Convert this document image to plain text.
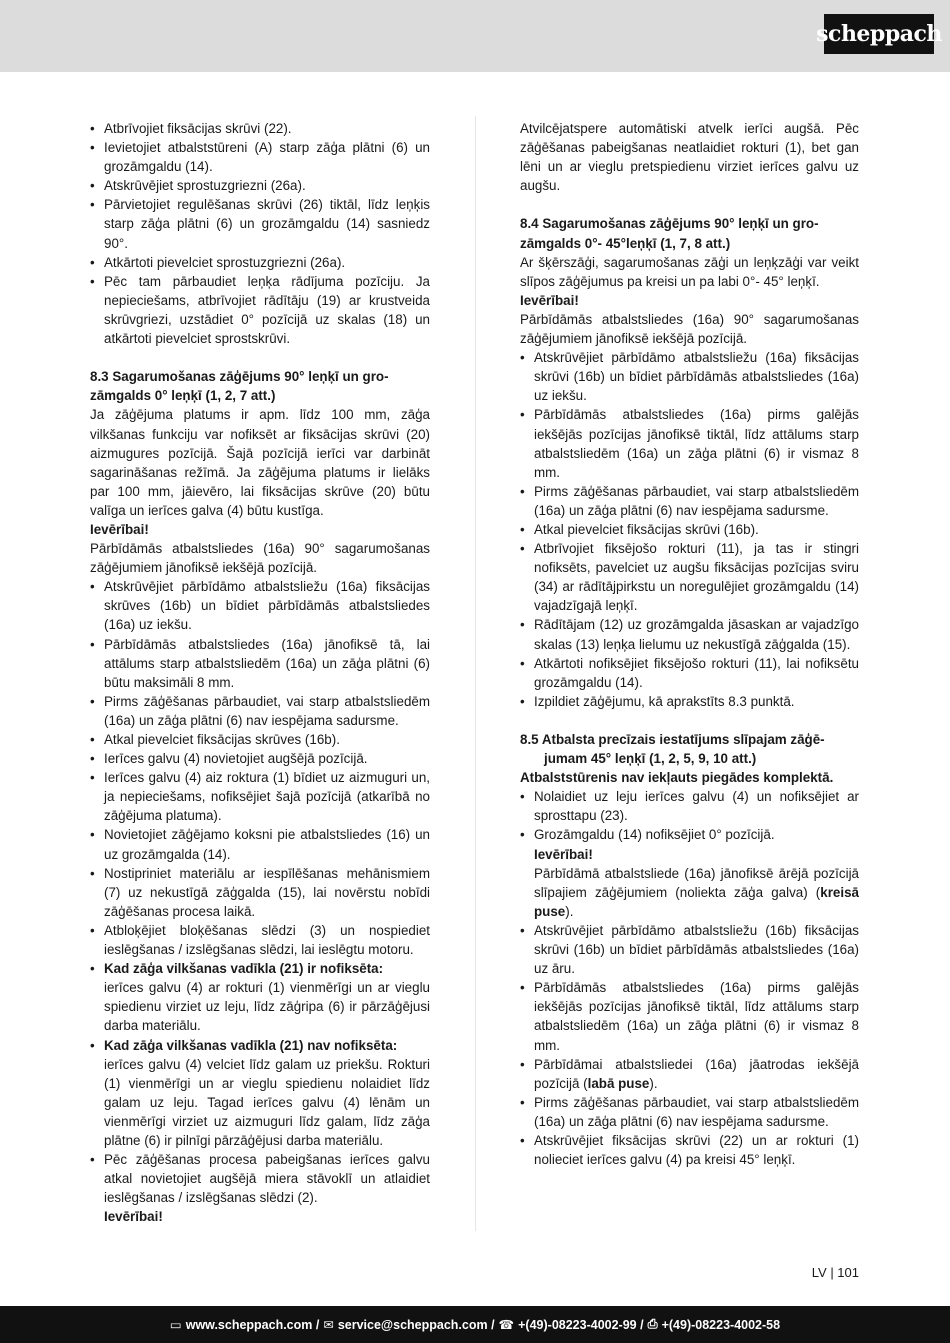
scheppach
• Atbrīvojiet fiksācijas skrūvi (22).
• Ievietojiet atbalststūreni (A) starp zāģa plātni (6) un grozāmgaldu (14).
• Atskrūvējiet sprostuzgriezni (26a).
• Pārvietojiet regulēšanas skrūvi (26) tiktāl, līdz leņķis starp zāģa plātni (6) un grozāmgaldu (14) sasniedz 90°.
• Atkārtoti pievelciet sprostuzgriezni (26a).
• Pēc tam pārbaudiet leņķa rādījuma pozīciju. Ja nepieciešams, atbrīvojiet rādītāju (19) ar krustveida skrūvgriezi, uzstādiet 0° pozīcijā uz skalas (18) un atkārtoti pievelciet sprostskrūvi.

8.3 Sagarumošanas zāģējums 90° leņķī un gro-
zāmgalds 0° leņķī (1, 2, 7 att.)

Ja zāģējuma platums ir apm. līdz 100 mm, zāģa vilkšanas funkciju var nofiksēt ar fiksācijas skrūvi (20) aizmugures pozīcijā. Šajā pozīcijā ierīci var darbināt sagarināšanas režīmā. Ja zāģējuma platums ir lielāks par 100 mm, jāievēro, lai fiksācijas skrūve (20) būtu valīga un ierīces galva (4) būtu kustīga.

Ievērībai!

Pārbīdāmās atbalstsliedes (16a) 90° sagarumošanas zāģējumiem jānofiksē iekšējā pozīcijā.

• Atskrūvējiet pārbīdāmo atbalstsliežu (16a) fiksācijas skrūves (16b) un bīdiet pārbīdāmās atbalstsliedes (16a) uz iekšu.
• Pārbīdāmās atbalstsliedes (16a) jānofiksē tā, lai attālums starp atbalstsliedēm (16a) un zāģa plātni (6) būtu maksimāli 8 mm.
• Pirms zāģēšanas pārbaudiet, vai starp atbalstsliedēm (16a) un zāģa plātni (6) nav iespējama sadursme.
• Atkal pievelciet fiksācijas skrūves (16b).
• Ierīces galvu (4) novietojiet augšējā pozīcijā.
• Ierīces galvu (4) aiz roktura (1) bīdiet uz aizmuguri un, ja nepieciešams, nofiksējiet šajā pozīcijā (atkarībā no zāģējuma platuma).
• Novietojiet zāģējamo koksni pie atbalstsliedes (16) un uz grozāmgalda (14).
• Nostipriniet materiālu ar iespīlēšanas mehānismiem (7) uz nekustīgā zāģgalda (15), lai novērstu nobīdi zāģēšanas procesa laikā.
• Atbloķējiet bloķēšanas slēdzi (3) un nospiediet ieslēgšanas / izslēgšanas slēdzi, lai ieslēgtu motoru.
• Kad zāģa vilkšanas vadīkla (21) ir nofiksēta:
ierīces galvu (4) ar rokturi (1) vienmērīgi un ar vieglu spiedienu virziet uz leju, līdz zāģripa (6) ir pārzāģējusi darba materiālu.
• Kad zāģa vilkšanas vadīkla (21) nav nofiksēta:
ierīces galvu (4) velciet līdz galam uz priekšu. Rokturi (1) vienmērīgi un ar vieglu spiedienu nolaidiet līdz galam uz leju. Tagad ierīces galvu (4) lēnām un vienmērīgi virziet uz aizmuguri līdz galam, līdz zāģa plātne (6) ir pilnīgi pārzāģējusi darba materiālu.
• Pēc zāģēšanas procesa pabeigšanas ierīces galvu atkal novietojiet augšējā miera stāvoklī un atlaidiet ieslēgšanas / izslēgšanas slēdzi (2).
Ievērībai!

Atvilcējatspere automātiski atvelk ierīci augšā. Pēc zāģēšanas pabeigšanas neatlaidiet rokturi (1), bet gan lēni un ar vieglu pretspiedienu virziet ierīces galvu uz augšu.

8.4 Sagarumošanas zāģējums 90° leņķī un gro-
zāmgalds 0°- 45°leņķī (1, 7, 8 att.)

Ar šķērszāģi, sagarumošanas zāģi un leņķzāģi var veikt slīpos zāģējumus pa kreisi un pa labi 0°- 45° leņķī.

Ievērībai!

Pārbīdāmās atbalstsliedes (16a) 90° sagarumošanas zāģējumiem jānofiksē iekšējā pozīcijā.

• Atskrūvējiet pārbīdāmo atbalstsliežu (16a) fiksācijas skrūvi (16b) un bīdiet pārbīdāmās atbalstsliedes (16a) uz iekšu.
• Pārbīdāmās atbalstsliedes (16a) pirms galējās iekšējās pozīcijas jānofiksē tiktāl, līdz attālums starp atbalstsliedēm (16a) un zāģa plātni (6) ir vismaz 8 mm.
• Pirms zāģēšanas pārbaudiet, vai starp atbalstsliedēm (16a) un zāģa plātni (6) nav iespējama sadursme.
• Atkal pievelciet fiksācijas skrūvi (16b).
• Atbrīvojiet fiksējošo rokturi (11), ja tas ir stingri nofiksēts, pavelciet uz augšu fiksācijas pozīcijas sviru (34) ar rādītājpirkstu un noregulējiet grozāmgaldu (14) vajadzīgajā leņķī.
• Rādītājam (12) uz grozāmgalda jāsaskan ar vajadzīgo skalas (13) leņķa lielumu uz nekustīgā zāģgalda (15).
• Atkārtoti nofiksējiet fiksējošo rokturi (11), lai nofiksētu grozāmgaldu (14).
• Izpildiet zāģējumu, kā aprakstīts 8.3 punktā.

8.5 Atbalsta precīzais iestatījums slīpajam zāģē-
jumam 45° leņķī (1, 2, 5, 9, 10 att.)

Atbalststūrenis nav iekļauts piegādes komplektā.

• Nolaidiet uz leju ierīces galvu (4) un nofiksējiet ar sprosttapu (23).
• Grozāmgaldu (14) nofiksējiet 0° pozīcijā.
Ievērībai!
Pārbīdāmā atbalstsliede (16a) jānofiksē ārējā pozīcijā slīpajiem zāģējumiem (noliekta zāģa galva) (kreisā puse).
• Atskrūvējiet pārbīdāmo atbalstsliežu (16b) fiksācijas skrūvi (16b) un bīdiet pārbīdāmās atbalstsliedes (16a) uz āru.
• Pārbīdāmās atbalstsliedes (16a) pirms galējās iekšējās pozīcijas jānofiksē tiktāl, līdz attālums starp atbalstsliedēm (16a) un zāģa plātni (6) ir vismaz 8 mm.
• Pārbīdāmai atbalstsliedei (16a) jāatrodas iekšējā pozīcijā (labā puse).
• Pirms zāģēšanas pārbaudiet, vai starp atbalstsliedēm (16a) un zāģa plātni (6) nav iespējama sadursme.
• Atskrūvējiet fiksācijas skrūvi (22) un ar rokturi (1) nolieciet ierīces galvu (4) pa kreisi 45° leņķī.
LV | 101
▭ www.scheppach.com / ✉ service@scheppach.com / ☎ +(49)-08223-4002-99 / ⎙ +(49)-08223-4002-58
